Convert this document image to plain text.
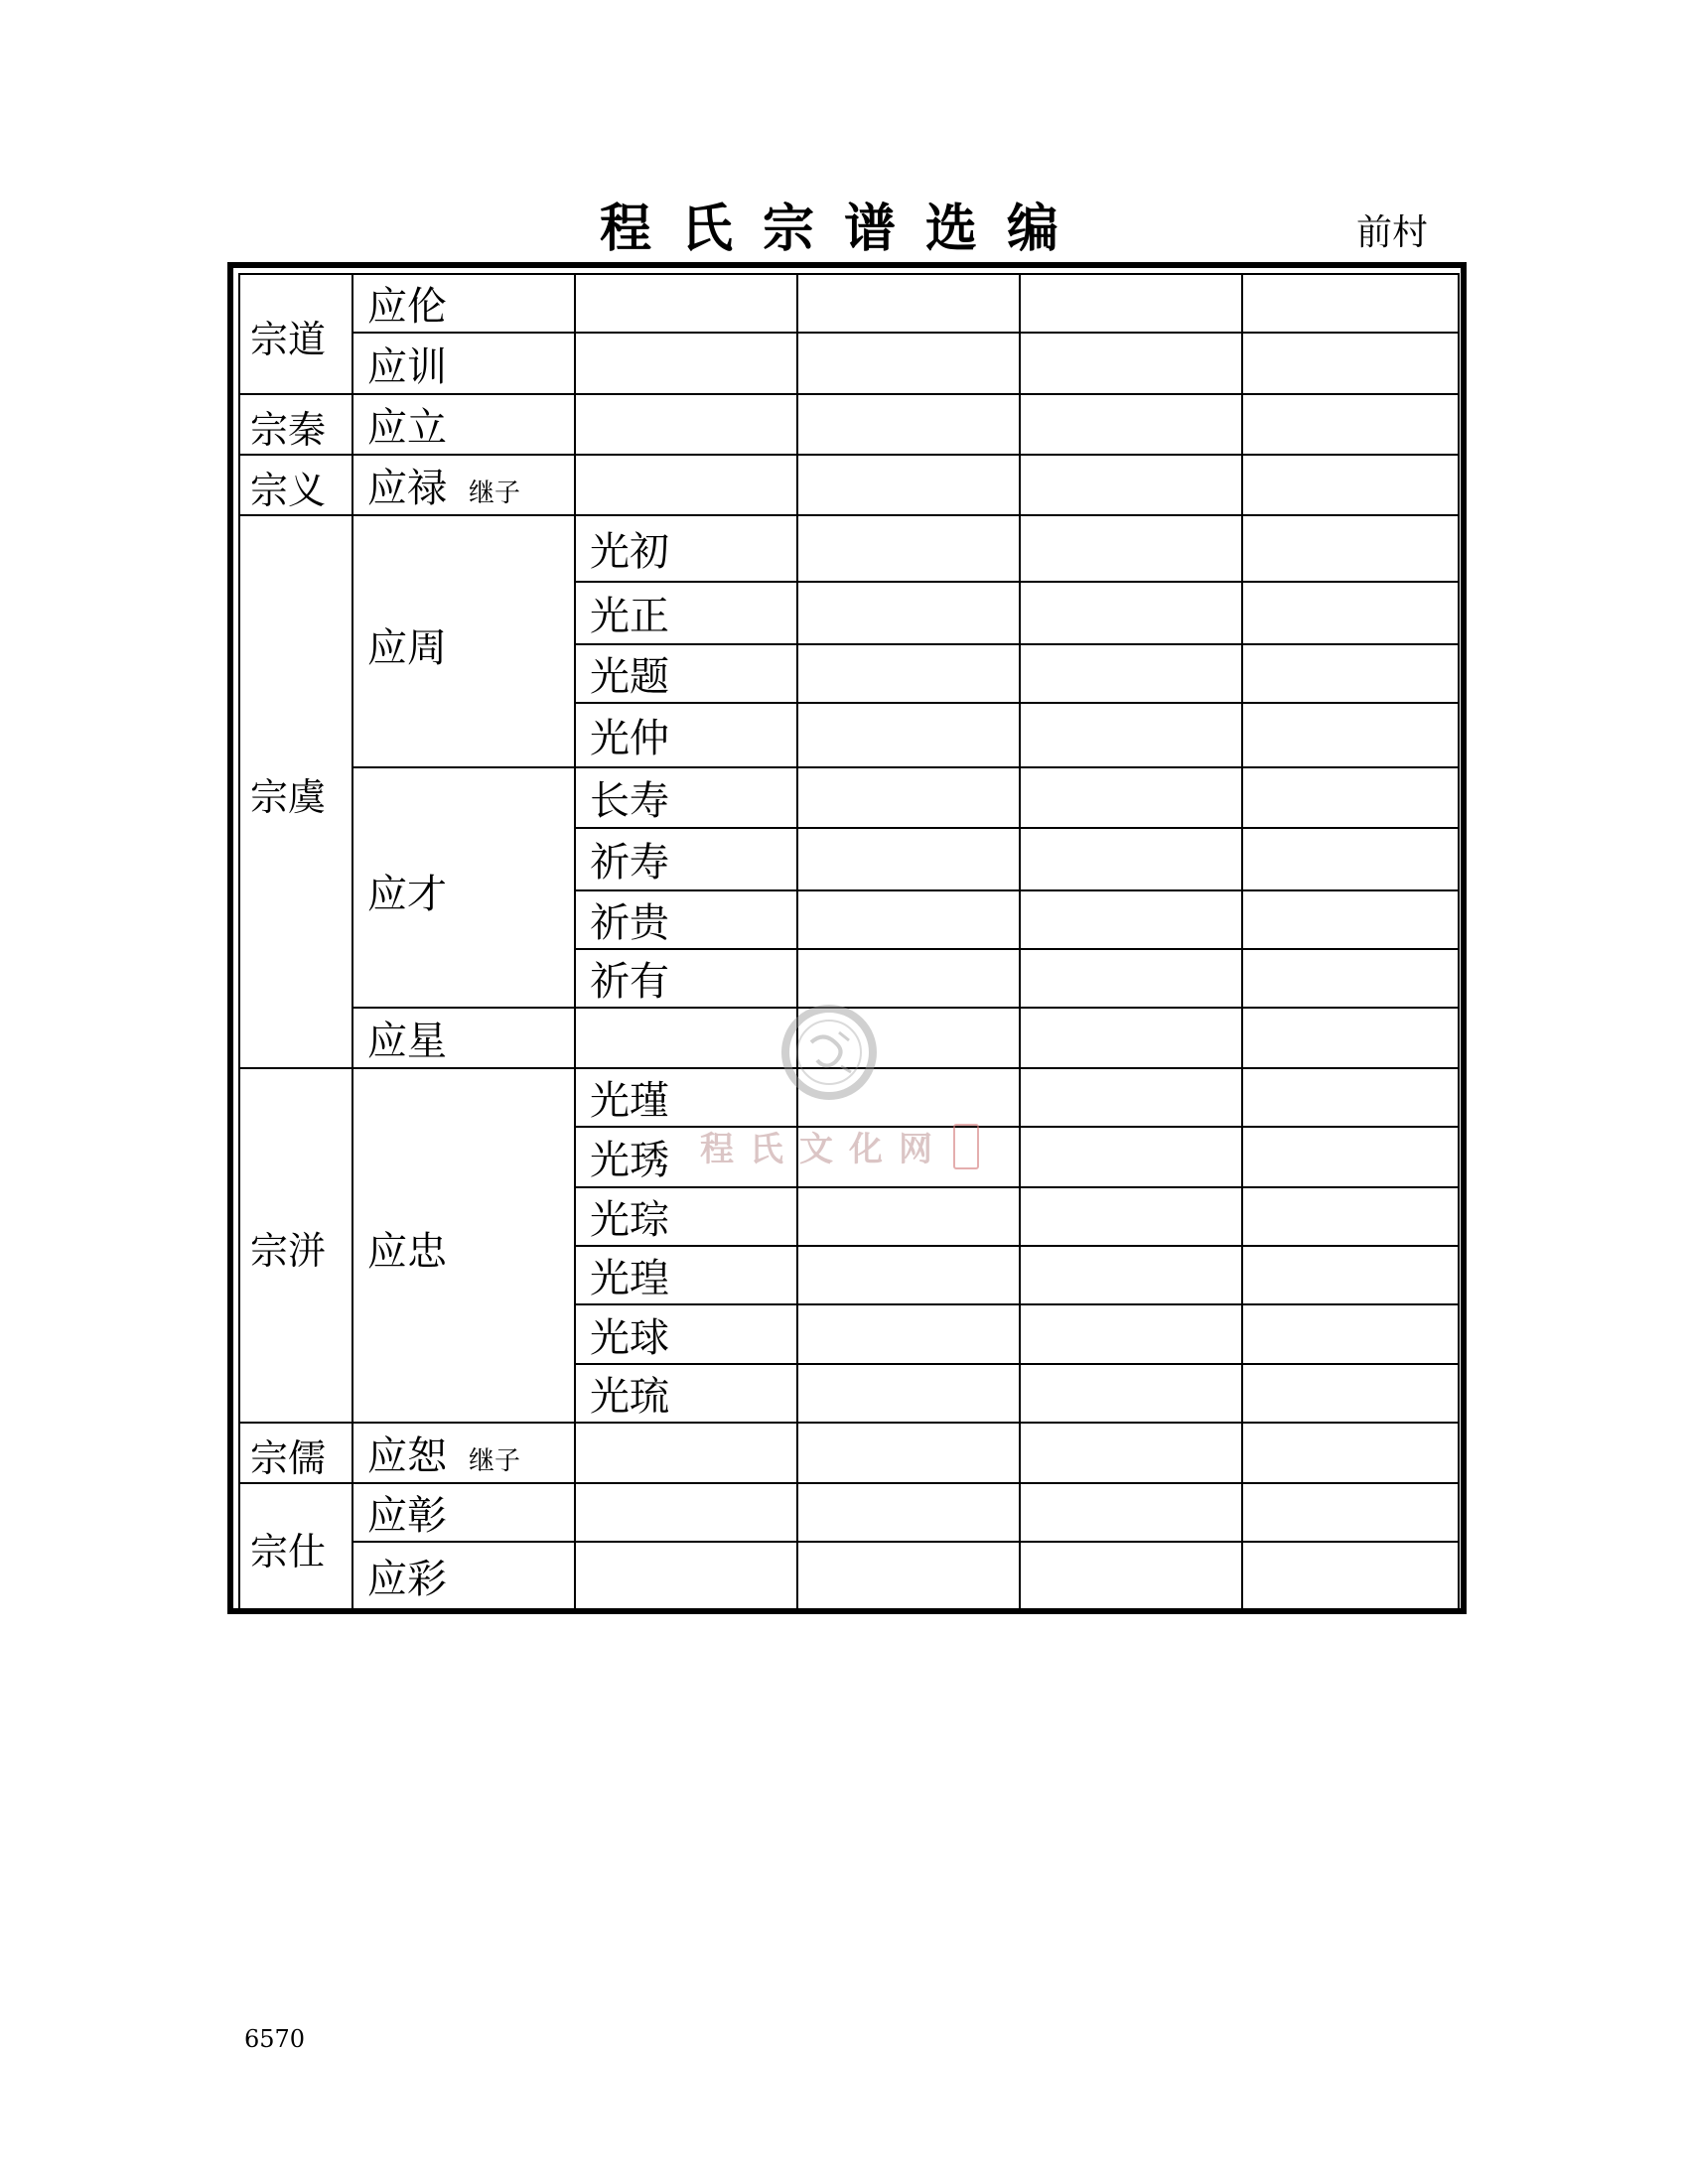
程氏宗谱选编	前村
宗道	应伦				
	应训				
宗秦	应立				
宗义	应禄 继子				
宗虞	应周	光初			
		光正			
		光题			
		光仲			
	应才	长寿			
		祈寿			
		祈贵			
		祈有			
	应星				
宗洴	应忠	光瑾			
		光琇			
		光琮			
		光瑝			
		光球			
		光琉			
宗儒	应恕 继子				
宗仕	应彰				
	应彩				
程氏文化网
6570
